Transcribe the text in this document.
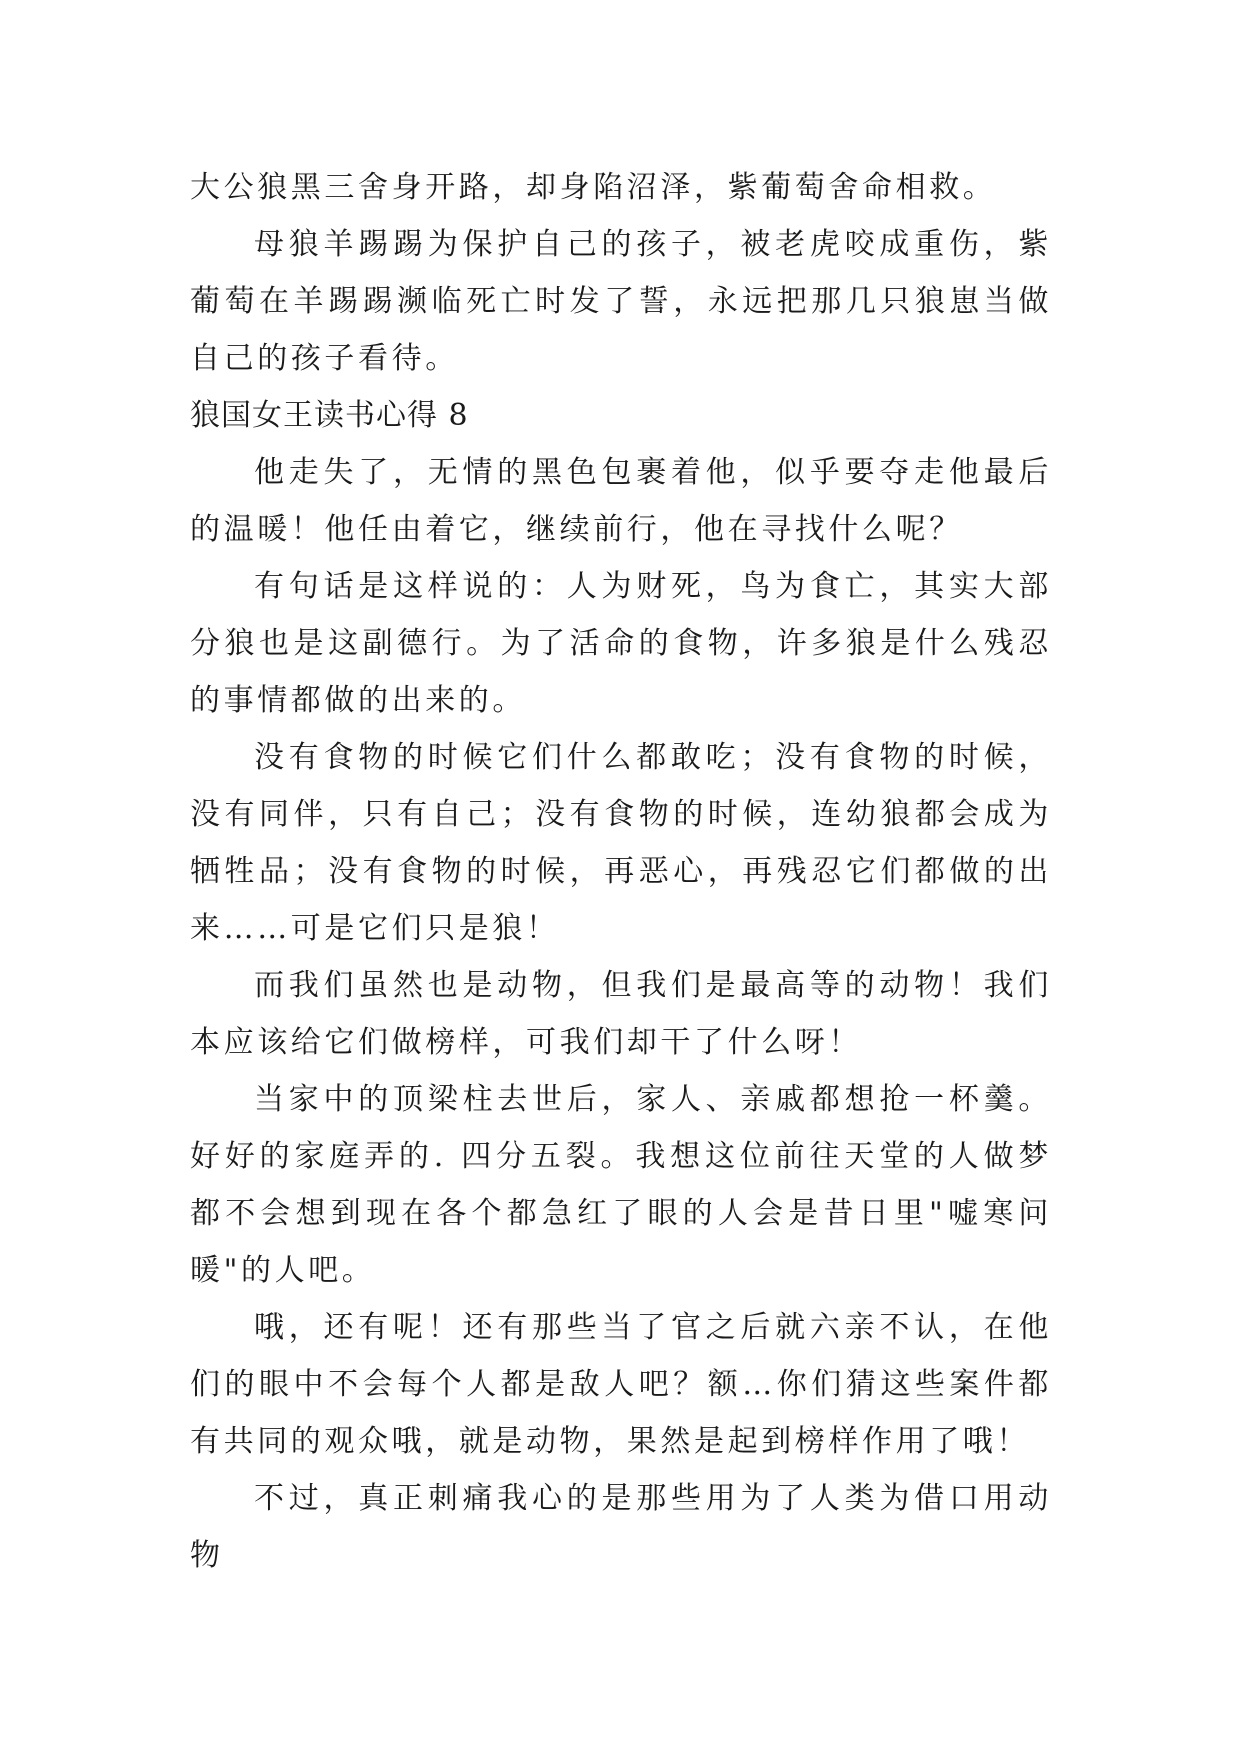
大公狼黑三舍身开路，却身陷沼泽，紫葡萄舍命相救。

母狼羊踢踢为保护自己的孩子，被老虎咬成重伤，紫葡萄在羊踢踢濒临死亡时发了誓，永远把那几只狼崽当做自己的孩子看待。

狼国女王读书心得 8

他走失了，无情的黑色包裹着他，似乎要夺走他最后的温暖！他任由着它，继续前行，他在寻找什么呢？

有句话是这样说的：人为财死，鸟为食亡，其实大部分狼也是这副德行。为了活命的食物，许多狼是什么残忍的事情都做的出来的。

没有食物的时候它们什么都敢吃；没有食物的时候，没有同伴，只有自己；没有食物的时候，连幼狼都会成为牺牲品；没有食物的时候，再恶心，再残忍它们都做的出来……可是它们只是狼！

而我们虽然也是动物，但我们是最高等的动物！我们本应该给它们做榜样，可我们却干了什么呀！

当家中的顶梁柱去世后，家人、亲戚都想抢一杯羹。好好的家庭弄的. 四分五裂。我想这位前往天堂的人做梦都不会想到现在各个都急红了眼的人会是昔日里"嘘寒问暖"的人吧。

哦，还有呢！还有那些当了官之后就六亲不认，在他们的眼中不会每个人都是敌人吧？额…你们猜这些案件都有共同的观众哦，就是动物，果然是起到榜样作用了哦！

不过，真正刺痛我心的是那些用为了人类为借口用动物
